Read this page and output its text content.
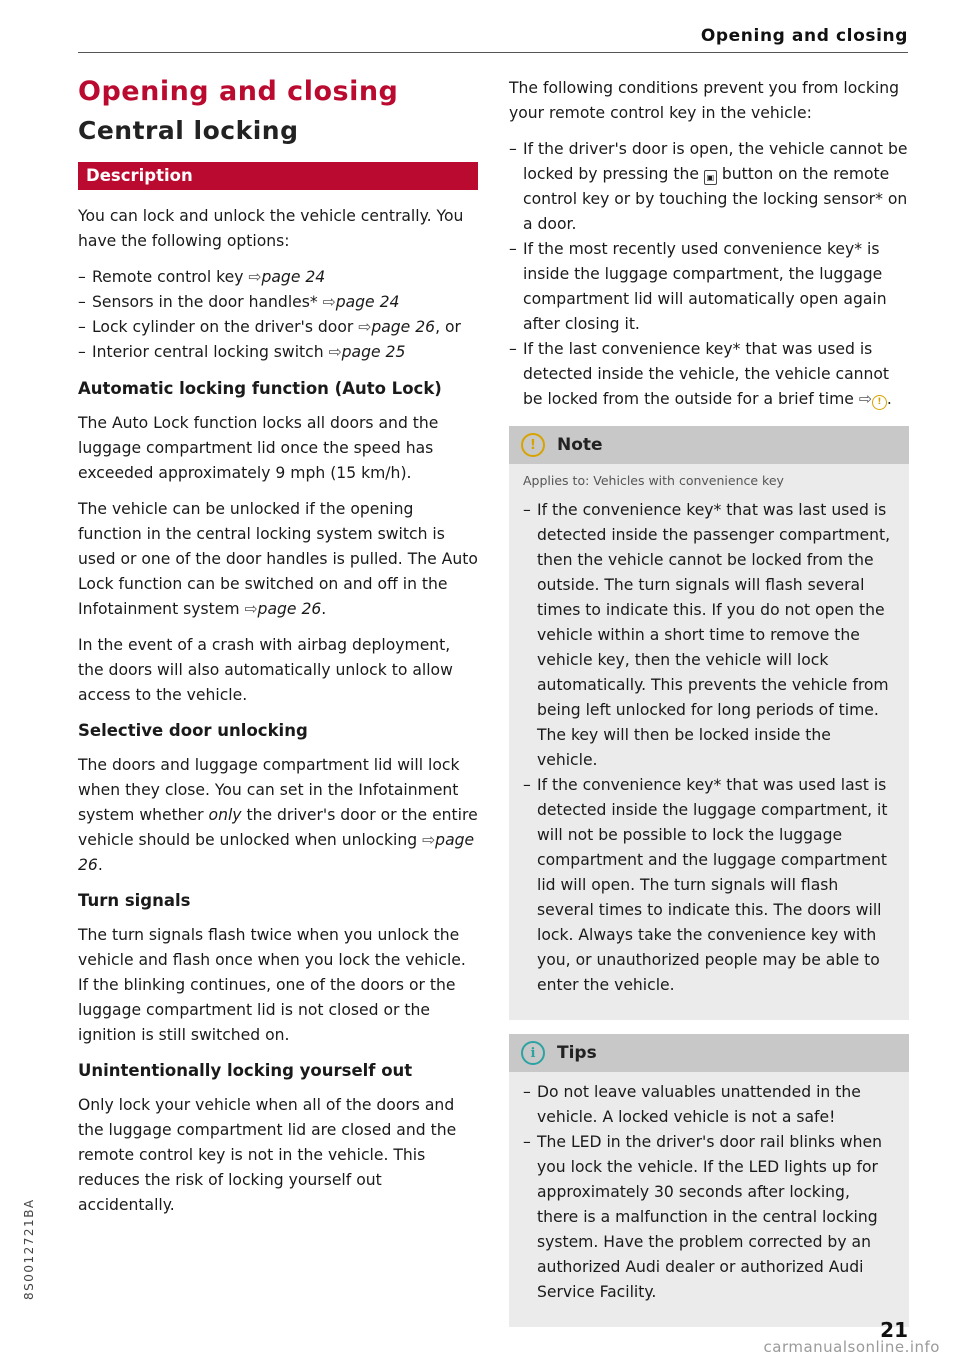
Opening and closing
Opening and closing
Central locking
Description

You can lock and unlock the vehicle centrally. You have the following options:

– Remote control key ⇨page 24
– Sensors in the door handles* ⇨page 24
– Lock cylinder on the driver's door ⇨page 26, or
– Interior central locking switch ⇨page 25
Automatic locking function (Auto Lock)

The Auto Lock function locks all doors and the luggage compartment lid once the speed has exceeded approximately 9 mph (15 km/h).

The vehicle can be unlocked if the opening function in the central locking system switch is used or one of the door handles is pulled. The Auto Lock function can be switched on and off in the Infotainment system ⇨page 26.

In the event of a crash with airbag deployment, the doors will also automatically unlock to allow access to the vehicle.

Selective door unlocking

The doors and luggage compartment lid will lock when they close. You can set in the Infotainment system whether only the driver's door or the entire vehicle should be unlocked when unlocking ⇨page 26.

Turn signals

The turn signals flash twice when you unlock the vehicle and flash once when you lock the vehicle. If the blinking continues, one of the doors or the luggage compartment lid is not closed or the ignition is still switched on.

Unintentionally locking yourself out

Only lock your vehicle when all of the doors and the luggage compartment lid are closed and the remote control key is not in the vehicle. This reduces the risk of locking yourself out accidentally.

The following conditions prevent you from locking your remote control key in the vehicle:

– If the driver's door is open, the vehicle cannot be locked by pressing the ▣ button on the remote control key or by touching the locking sensor* on a door.
– If the most recently used convenience key* is inside the luggage compartment, the luggage compartment lid will automatically open again after closing it.
– If the last convenience key* that was used is detected inside the vehicle, the vehicle cannot be locked from the outside for a brief time ⇨ ! .
!	Note
Applies to: Vehicles with convenience key
– If the convenience key* that was last used is detected inside the passenger compartment, then the vehicle cannot be locked from the outside. The turn signals will flash several times to indicate this. If you do not open the vehicle within a short time to remove the vehicle key, then the vehicle will lock automatically. This prevents the vehicle from being left unlocked for long periods of time. The key will then be locked inside the vehicle.
– If the convenience key* that was used last is detected inside the luggage compartment, it will not be possible to lock the luggage compartment and the luggage compartment lid will open. The turn signals will flash several times to indicate this. The doors will lock. Always take the convenience key with you, or unauthorized people may be able to enter the vehicle.
i	Tips
– Do not leave valuables unattended in the vehicle. A locked vehicle is not a safe!
– The LED in the driver's door rail blinks when you lock the vehicle. If the LED lights up for approximately 30 seconds after locking, there is a malfunction in the central locking system. Have the problem corrected by an authorized Audi dealer or authorized Audi Service Facility.
8S0012721BA
21
carmanualsonline.info
